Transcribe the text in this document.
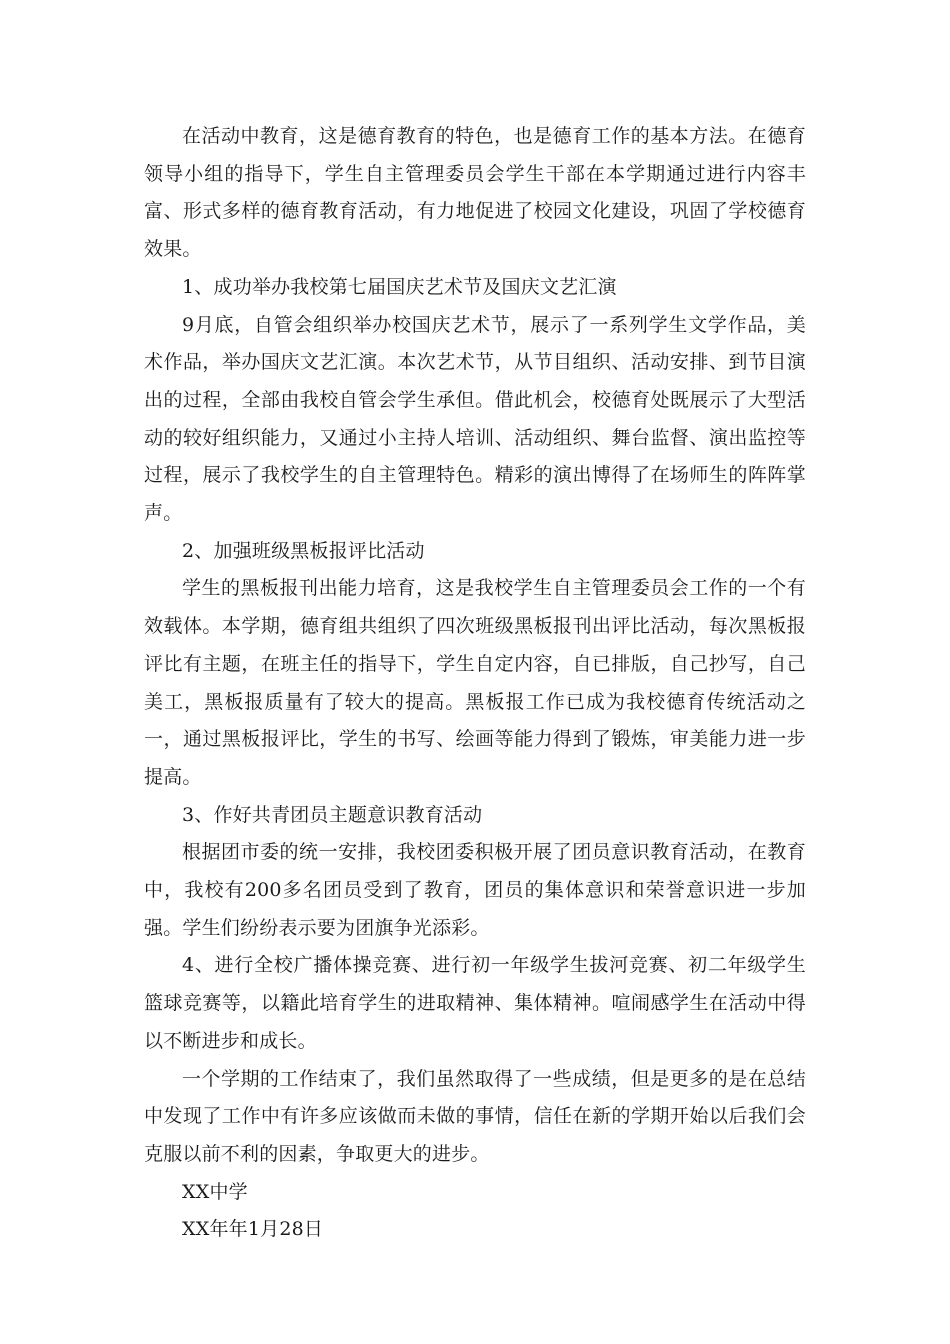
在活动中教育，这是德育教育的特色，也是德育工作的基本方法。在德育领导小组的指导下，学生自主管理委员会学生干部在本学期通过进行内容丰富、形式多样的德育教育活动，有力地促进了校园文化建设，巩固了学校德育效果。

1、成功举办我校第七届国庆艺术节及国庆文艺汇演

9月底，自管会组织举办校国庆艺术节，展示了一系列学生文学作品，美术作品，举办国庆文艺汇演。本次艺术节，从节目组织、活动安排、到节目演出的过程，全部由我校自管会学生承但。借此机会，校德育处既展示了大型活动的较好组织能力，又通过小主持人培训、活动组织、舞台监督、演出监控等过程，展示了我校学生的自主管理特色。精彩的演出博得了在场师生的阵阵掌声。

2、加强班级黑板报评比活动

学生的黑板报刊出能力培育，这是我校学生自主管理委员会工作的一个有效载体。本学期，德育组共组织了四次班级黑板报刊出评比活动，每次黑板报评比有主题，在班主任的指导下，学生自定内容，自已排版，自己抄写，自己美工，黑板报质量有了较大的提高。黑板报工作已成为我校德育传统活动之一，通过黑板报评比，学生的书写、绘画等能力得到了锻炼，审美能力进一步提高。

3、作好共青团员主题意识教育活动

根据团市委的统一安排，我校团委积极开展了团员意识教育活动，在教育中，我校有200多名团员受到了教育，团员的集体意识和荣誉意识进一步加强。学生们纷纷表示要为团旗争光添彩。

4、进行全校广播体操竞赛、进行初一年级学生拔河竞赛、初二年级学生篮球竞赛等，以籍此培育学生的进取精神、集体精神。喧闹感学生在活动中得以不断进步和成长。

一个学期的工作结束了，我们虽然取得了一些成绩，但是更多的是在总结中发现了工作中有许多应该做而未做的事情，信任在新的学期开始以后我们会克服以前不利的因素，争取更大的进步。

XX中学

XX年年1月28日
